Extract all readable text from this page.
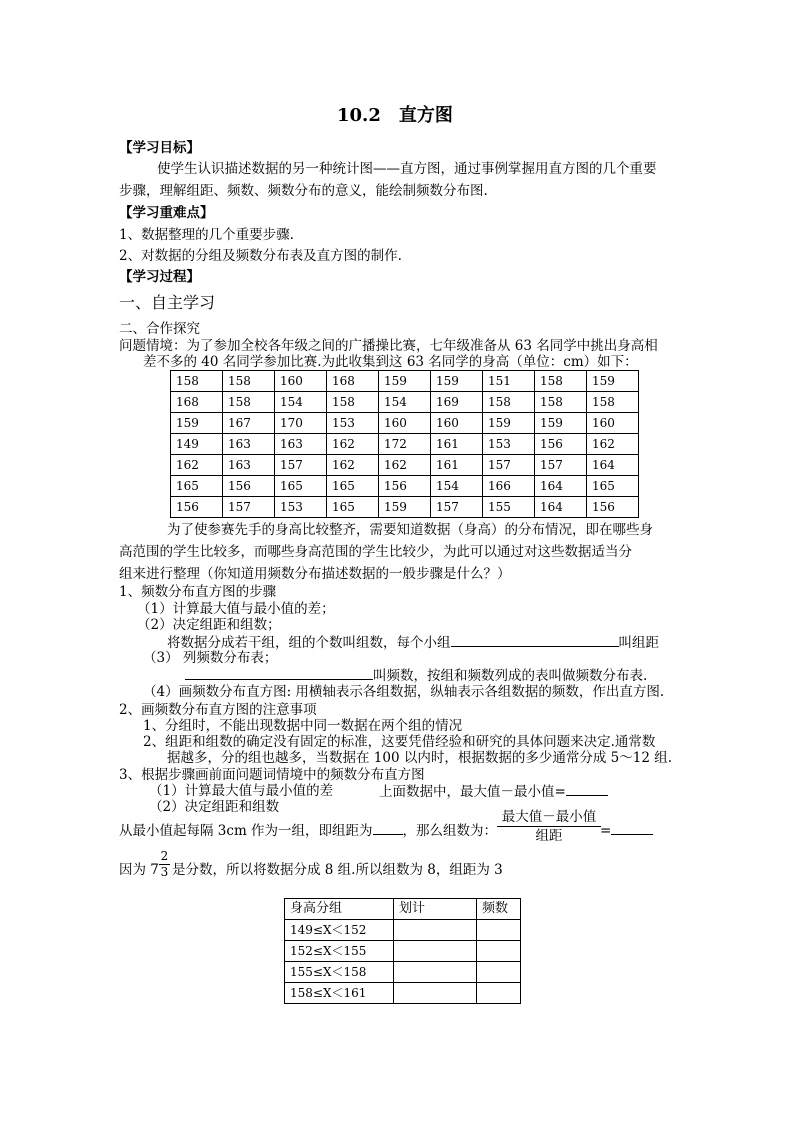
10.2　直方图
【学习目标】
使学生认识描述数据的另一种统计图——直方图，通过事例掌握用直方图的几个重要
步骤，理解组距、频数、频数分布的意义，能绘制频数分布图.
【学习重难点】
1、数据整理的几个重要步骤.
2、对数据的分组及频数分布表及直方图的制作.
【学习过程】
一、自主学习
二、合作探究
问题情境：为了参加全校各年级之间的广播操比赛，七年级准备从 63 名同学中挑出身高相
差不多的 40 名同学参加比赛.为此收集到这 63 名同学的身高（单位：cm）如下：
158	158	160	168	159	159	151	158	159
168	158	154	158	154	169	158	158	158
159	167	170	153	160	160	159	159	160
149	163	163	162	172	161	153	156	162
162	163	157	162	162	161	157	157	164
165	156	165	165	156	154	166	164	165
156	157	153	165	159	157	155	164	156
为了使参赛先手的身高比较整齐，需要知道数据（身高）的分布情况，即在哪些身
高范围的学生比较多，而哪些身高范围的学生比较少，为此可以通过对这些数据适当分
组来进行整理（你知道用频数分布描述数据的一般步骤是什么？）
1、频数分布直方图的步骤
（1）计算最大值与最小值的差；
（2）决定组距和组数；
将数据分成若干组，组的个数叫组数，每个小组	叫组距
（3） 列频数分布表；
叫频数，按组和频数列成的表叫做频数分布表.
（4）画频数分布直方图: 用横轴表示各组数据，纵轴表示各组数据的频数，作出直方图.
2、画频数分布直方图的注意事项
1、分组时，不能出现数据中同一数据在两个组的情况
2、组距和组数的确定没有固定的标准，这要凭借经验和研究的具体问题来决定.通常数
据越多，分的组也越多，当数据在 100 以内时，根据数据的多少通常分成 5～12 组.
3、根据步骤画前面问题词情境中的频数分布直方图
（1）计算最大值与最小值的差	上面数据中，最大值－最小值=
（2）决定组距和组数
从最小值起每隔 3cm 作为一组，即组距为 ，那么组数为：
最大值－最小值
组距	=
因为 7
2
3 是分数，所以将数据分成 8 组.所以组数为 8，组距为 3
身高分组	划计	频数
149≤X＜152		
152≤X＜155		
155≤X＜158		
158≤X＜161		
